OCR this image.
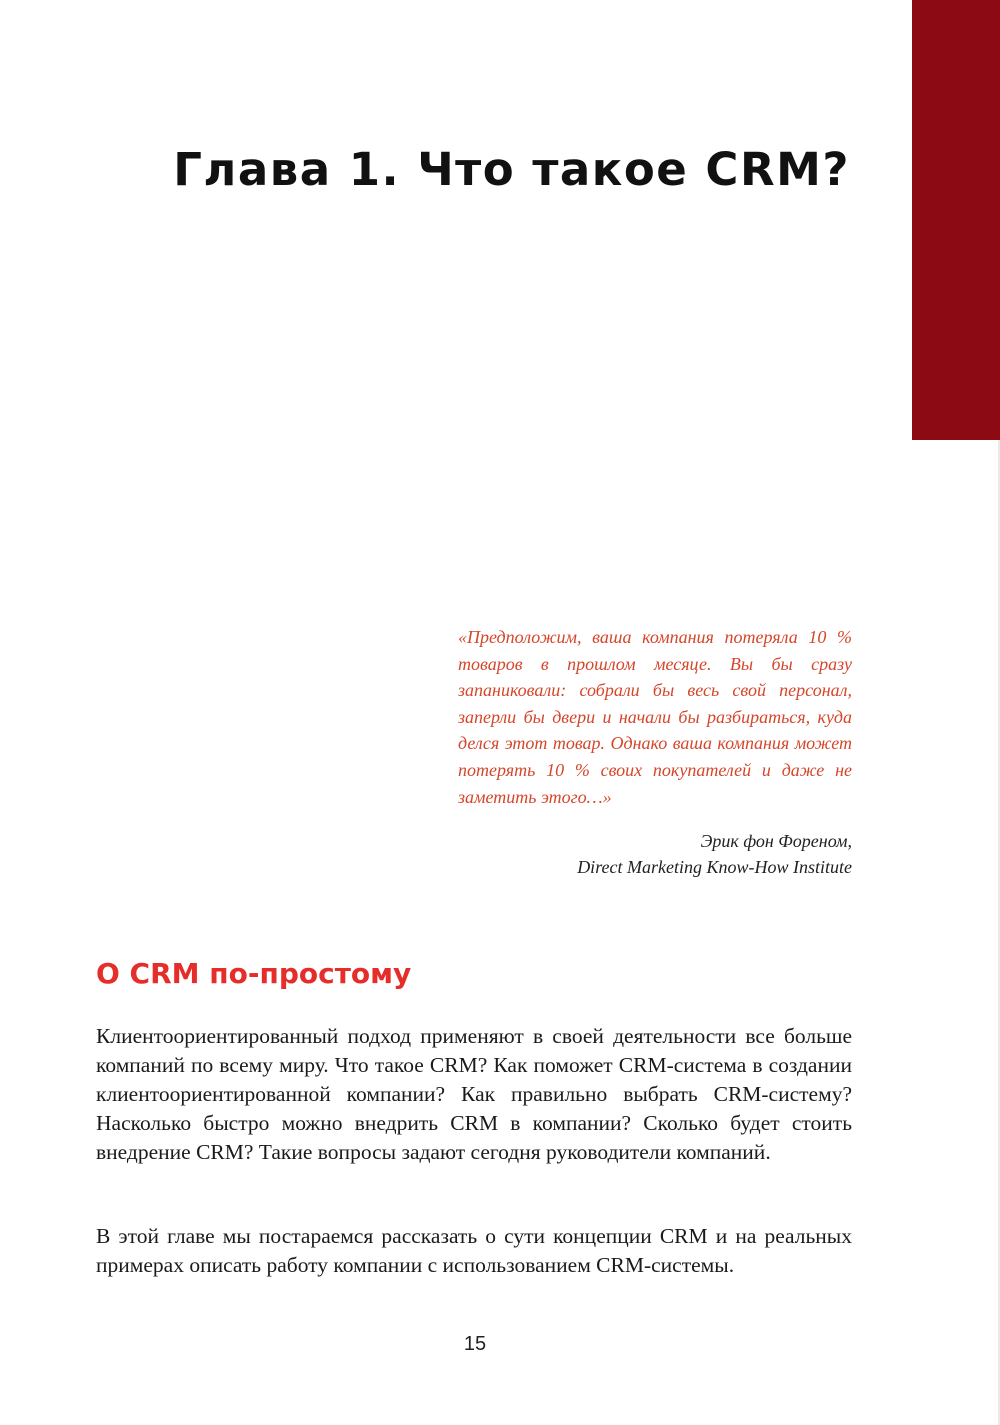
Глава 1. Что такое CRM?

«Предположим, ваша компания потеряла 10 % товаров в прошлом месяце. Вы бы сразу запаниковали: собрали бы весь свой персонал, заперли бы двери и начали бы разбираться, куда делся этот товар. Однако ваша компания может потерять 10 % своих покупателей и даже не заметить этого…»

Эрик фон Фоpеном,
Direct Marketing Know-How Institute
О CRM по-простому

Клиентоориентированный подход применяют в своей деятельности все больше компаний по всему миру. Что такое CRM? Как поможет CRM-система в создании клиентоориентированной компании? Как правильно выбрать CRM-систему? Насколько быстро можно внедрить CRM в компании? Сколько будет стоить внедрение CRM? Такие вопросы задают сегодня руководители компаний.

В этой главе мы постараемся рассказать о сути концепции CRM и на реальных примерах описать работу компании с использованием CRM-системы.

15
